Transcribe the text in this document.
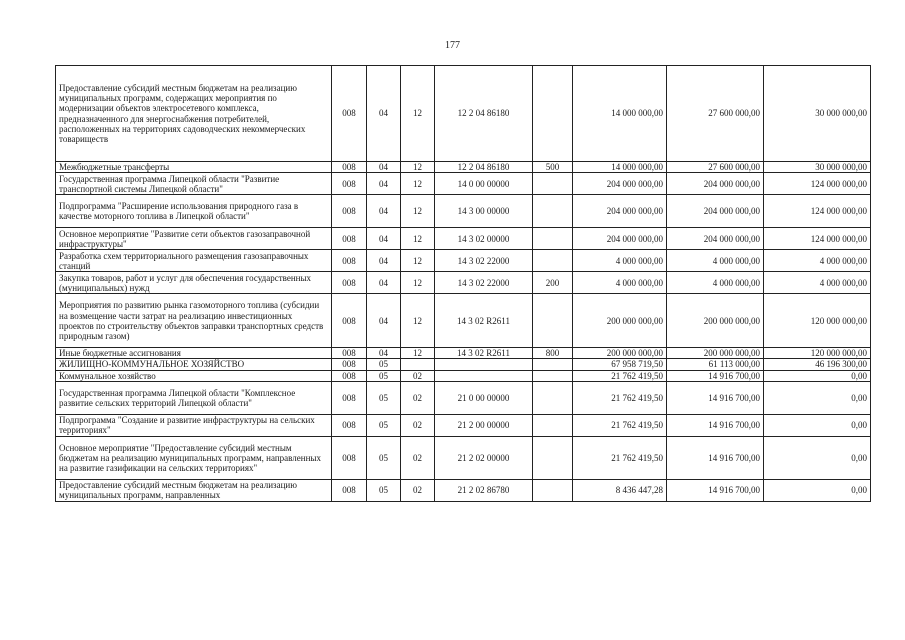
177
Предоставление субсидий местным бюджетам на реализацию муниципальных программ, содержащих мероприятия по модернизации объектов электросетевого комплекса, предназначенного для энергоснабжения потребителей, расположенных на территориях садоводческих некоммерческих товариществ	008	04	12	12 2 04 86180		14 000 000,00	27 600 000,00	30 000 000,00
Межбюджетные трансферты	008	04	12	12 2 04 86180	500	14 000 000,00	27 600 000,00	30 000 000,00
Государственная программа Липецкой области "Развитие транспортной системы Липецкой области"	008	04	12	14 0 00 00000		204 000 000,00	204 000 000,00	124 000 000,00
Подпрограмма "Расширение использования природного газа в качестве моторного топлива в Липецкой области"	008	04	12	14 3 00 00000		204 000 000,00	204 000 000,00	124 000 000,00
Основное мероприятие "Развитие сети объектов газозаправочной инфраструктуры"	008	04	12	14 3 02 00000		204 000 000,00	204 000 000,00	124 000 000,00
Разработка схем территориального размещения газозаправочных станций	008	04	12	14 3 02 22000		4 000 000,00	4 000 000,00	4 000 000,00
Закупка товаров, работ и услуг для обеспечения государственных (муниципальных) нужд	008	04	12	14 3 02 22000	200	4 000 000,00	4 000 000,00	4 000 000,00
Мероприятия по развитию рынка газомоторного топлива (субсидии на возмещение части затрат на реализацию инвестиционных проектов по строительству объектов заправки транспортных средств природным газом)	008	04	12	14 3 02 R2611		200 000 000,00	200 000 000,00	120 000 000,00
Иные бюджетные ассигнования	008	04	12	14 3 02 R2611	800	200 000 000,00	200 000 000,00	120 000 000,00
ЖИЛИЩНО-КОММУНАЛЬНОЕ ХОЗЯЙСТВО	008	05				67 958 719,50	61 113 000,00	46 196 300,00
Коммунальное хозяйство	008	05	02			21 762 419,50	14 916 700,00	0,00
Государственная программа Липецкой области "Комплексное развитие сельских территорий Липецкой области"	008	05	02	21 0 00 00000		21 762 419,50	14 916 700,00	0,00
Подпрограмма "Создание и развитие инфраструктуры на сельских территориях"	008	05	02	21 2 00 00000		21 762 419,50	14 916 700,00	0,00
Основное мероприятие "Предоставление субсидий местным бюджетам на реализацию муниципальных программ, направленных на развитие газификации на сельских территориях"	008	05	02	21 2 02 00000		21 762 419,50	14 916 700,00	0,00
Предоставление субсидий местным бюджетам на реализацию муниципальных программ, направленных	008	05	02	21 2 02 86780		8 436 447,28	14 916 700,00	0,00
